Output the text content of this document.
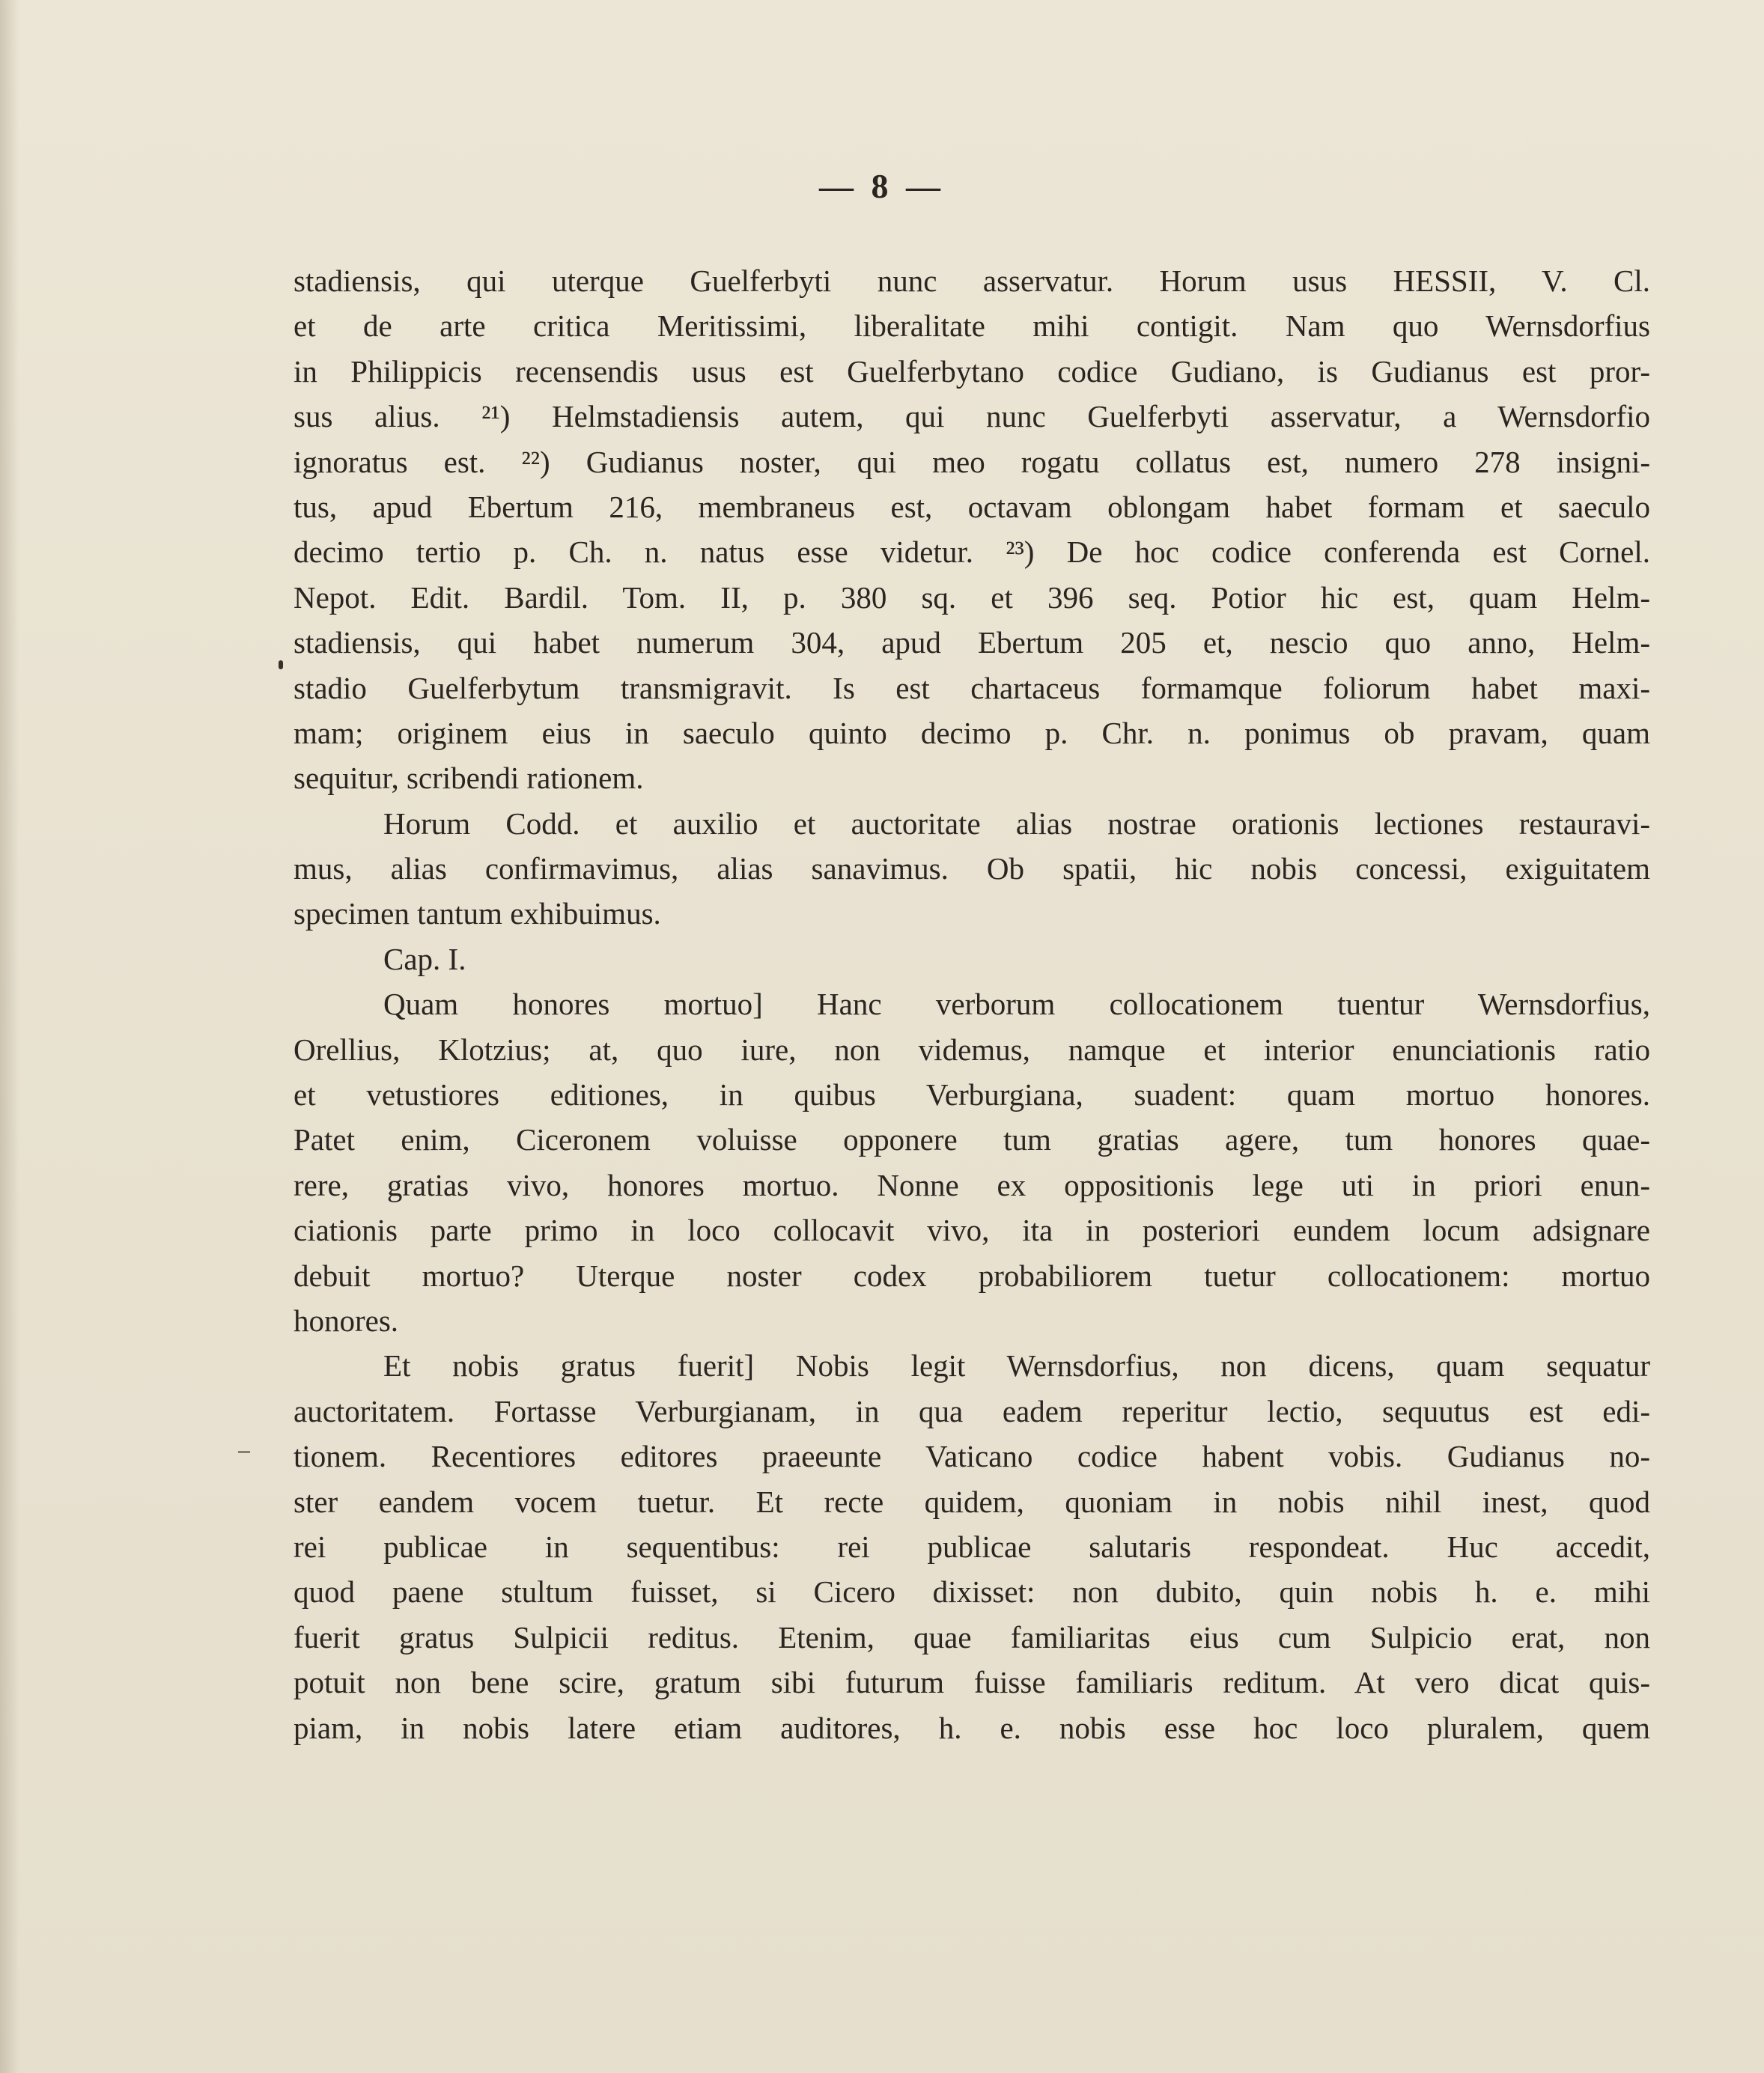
— 8 —
stadiensis, qui uterque Guelferbyti nunc asservatur. Horum usus HESSII, V. Cl.
et de arte critica Meritissimi, liberalitate mihi contigit. Nam quo Wernsdorfius
in Philippicis recensendis usus est Guelferbytano codice Gudiano, is Gudianus est pror-
sus alius. ²¹) Helmstadiensis autem, qui nunc Guelferbyti asservatur, a Wernsdorfio
ignoratus est. ²²) Gudianus noster, qui meo rogatu collatus est, numero 278 insigni-
tus, apud Ebertum 216, membraneus est, octavam oblongam habet formam et saeculo
decimo tertio p. Ch. n. natus esse videtur. ²³) De hoc codice conferenda est Cornel.
Nepot. Edit. Bardil. Tom. II, p. 380 sq. et 396 seq. Potior hic est, quam Helm-
stadiensis, qui habet numerum 304, apud Ebertum 205 et, nescio quo anno, Helm-
stadio Guelferbytum transmigravit. Is est chartaceus formamque foliorum habet maxi-
mam; originem eius in saeculo quinto decimo p. Chr. n. ponimus ob pravam, quam
sequitur, scribendi rationem.
Horum Codd. et auxilio et auctoritate alias nostrae orationis lectiones restauravi-
mus, alias confirmavimus, alias sanavimus. Ob spatii, hic nobis concessi, exiguitatem
specimen tantum exhibuimus.
Cap. I.
Quam honores mortuo] Hanc verborum collocationem tuentur Wernsdorfius,
Orellius, Klotzius; at, quo iure, non videmus, namque et interior enunciationis ratio
et vetustiores editiones, in quibus Verburgiana, suadent: quam mortuo honores.
Patet enim, Ciceronem voluisse opponere tum gratias agere, tum honores quae-
rere, gratias vivo, honores mortuo. Nonne ex oppositionis lege uti in priori enun-
ciationis parte primo in loco collocavit vivo, ita in posteriori eundem locum adsignare
debuit mortuo? Uterque noster codex probabiliorem tuetur collocationem: mortuo
honores.
Et nobis gratus fuerit] Nobis legit Wernsdorfius, non dicens, quam sequatur
auctoritatem. Fortasse Verburgianam, in qua eadem reperitur lectio, sequutus est edi-
tionem. Recentiores editores praeeunte Vaticano codice habent vobis. Gudianus no-
ster eandem vocem tuetur. Et recte quidem, quoniam in nobis nihil inest, quod
rei publicae in sequentibus: rei publicae salutaris respondeat. Huc accedit,
quod paene stultum fuisset, si Cicero dixisset: non dubito, quin nobis h. e. mihi
fuerit gratus Sulpicii reditus. Etenim, quae familiaritas eius cum Sulpicio erat, non
potuit non bene scire, gratum sibi futurum fuisse familiaris reditum. At vero dicat quis-
piam, in nobis latere etiam auditores, h. e. nobis esse hoc loco pluralem, quem
